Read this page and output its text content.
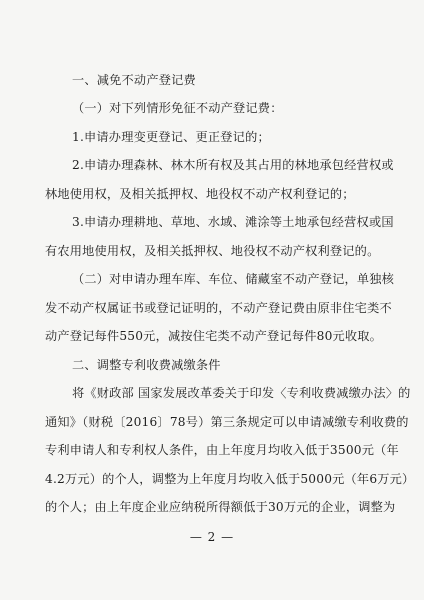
一、减免不动产登记费
（一）对下列情形免征不动产登记费：
1.申请办理变更登记、更正登记的；
2.申请办理森林、林木所有权及其占用的林地承包经营权或
林地使用权，及相关抵押权、地役权不动产权利登记的；
3.申请办理耕地、草地、水域、滩涂等土地承包经营权或国
有农用地使用权，及相关抵押权、地役权不动产权利登记的。
（二）对申请办理车库、车位、储藏室不动产登记，单独核
发不动产权属证书或登记证明的，不动产登记费由原非住宅类不
动产登记每件550元，减按住宅类不动产登记每件80元收取。
二、调整专利收费减缴条件
— 2 —
将《财政部 国家发展改革委关于印发〈专利收费减缴办法〉的
通知》（财税〔2016〕78号）第三条规定可以申请减缴专利收费的
专利申请人和专利权人条件，由上年度月均收入低于3500元（年
4.2万元）的个人，调整为上年度月均收入低于5000元（年6万元）
的个人；由上年度企业应纳税所得额低于30万元的企业，调整为
